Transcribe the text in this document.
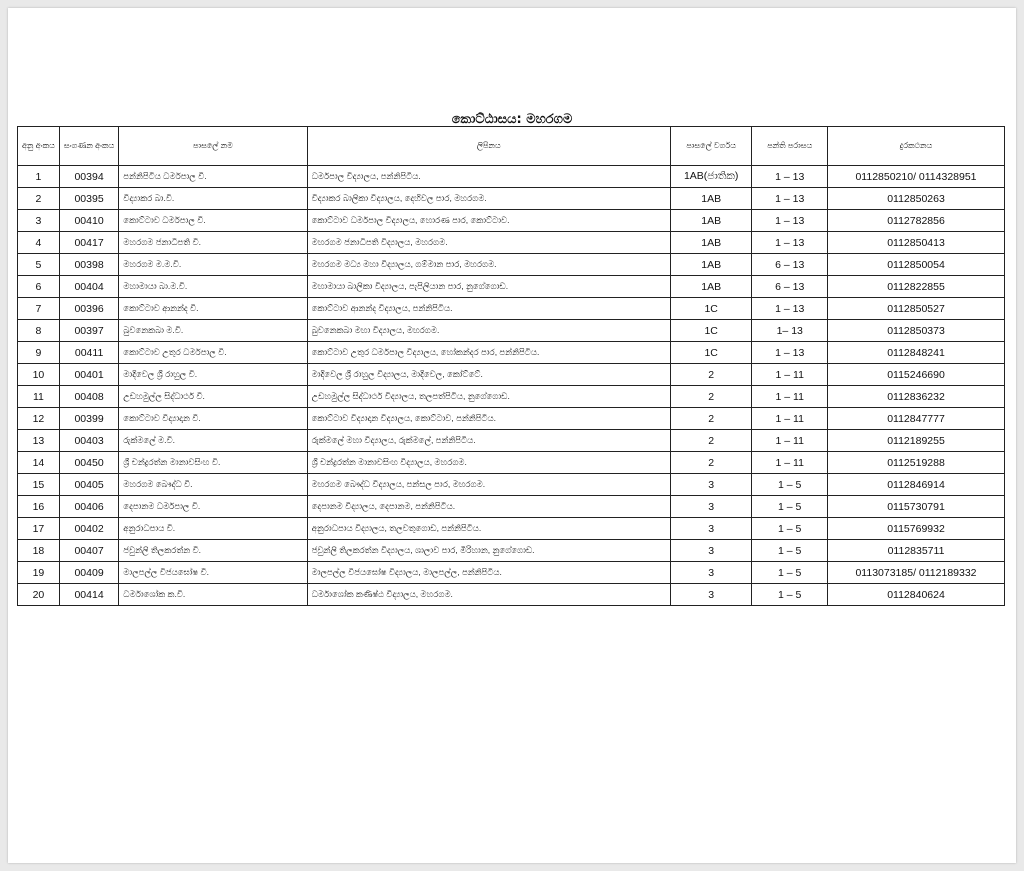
කොට්ඨාසය: මහරගම
අනු අංකය	සංගණන අංකය	පාසලේ නම	ලිපිනය	පාසලේ වර්ගය	පන්ති පරාසය	දුරකථනය
1	00394	පන්නිපිටිය ධර්මපාල වි.	ධර්මපාල විද්‍යාලය, පන්නිපිටිය.	1AB(ජාතික)	1 – 13	0112850210/ 0114328951
2	00395	විද්‍යාකර බා.වි.	විද්‍යාකර බාලිකා විද්‍යාලය, දෙහිවල පාර, මහරගම.	1AB	1 – 13	0112850263
3	00410	කොට්ටාව ධර්මපාල වි.	කොට්ටාව ධර්මපාල විද්‍යාලය, හොරණ පාර, කොට්ටාව.	1AB	1 – 13	0112782856
4	00417	මහරගම ජනාධිපති වි.	මහරගම ජනාධිපති විද්‍යාලය, මහරගම.	1AB	1 – 13	0112850413
5	00398	මහරගම ම.ම.වි.	මහරගම මධ්‍ය මහා විද්‍යාලය, ගම්මාන පාර, මහරගම.	1AB	6 – 13	0112850054
6	00404	මහාමායා බා.ම.වි.	මහාමායා බාලිකා විද්‍යාලය, පැපිලියාන පාර, නුගේගොඩ.	1AB	6 – 13	0112822855
7	00396	කොට්ටාව ආනන්ද වි.	කොට්ටාව ආනන්ද විද්‍යාලය, පන්නිපිටිය.	1C	1 – 13	0112850527
8	00397	බුවනෙකබා ම.වි.	බුවනෙකබා මහා විද්‍යාලය, මහරගම.	1C	1– 13	0112850373
9	00411	කොට්ටාව උතුර ධර්මපාල වි.	කොට්ටාව උතුර ධර්මපාල විද්‍යාලය, හෝකන්දර පාර, පන්නිපිටිය.	1C	1 – 13	0112848241
10	00401	මාදිවෙල ශ්‍රී රාහුල වි.	මාදිවෙල ශ්‍රී රාහුල විද්‍යාලය, මාදිවෙල, කෝට්ටේ.	2	1 – 11	0115246690
11	00408	උඩහමුල්ල සිද්ධාර්ථ වි.	උඩහමුල්ල සිද්ධාර්ථ විද්‍යාලය, තලපත්පිටිය, නුගේගොඩ.	2	1 – 11	0112836232
12	00399	කොට්ටාව විද්‍යාදාන වි.	කොට්ටාව විද්‍යාදාන විද්‍යාලය, කොට්ටාව, පන්නිපිටිය.	2	1 – 11	0112847777
13	00403	රුක්මලේ ම.වි.	රුක්මලේ මහා විද්‍යාලය, රුක්මලේ, පන්නිපිටිය.	2	1 – 11	0112189255
14	00450	ශ්‍රී චන්ද්‍රරත්න මානාවසිංහ වි.	ශ්‍රී චන්ද්‍රරත්න මානාවසිංහ විද්‍යාලය, මහරගම.	2	1 – 11	0112519288
15	00405	මහරගම බෞද්ධ වි.	මහරගම බෞද්ධ විද්‍යාලය, පන්සල පාර, මහරගම.	3	1 – 5	0112846914
16	00406	දෙපානම ධර්මපාල වි.	දෙපානම විද්‍යාලය, දෙපානම, පන්නිපිටිය.	3	1 – 5	0115730791
17	00402	අනුරාධපාය වි.	අනුරාධපාය විද්‍යාලය, තලවතුගොඩ, පන්නිපිටිය.	3	1 – 5	0115769932
18	00407	ජවුන්ලි තිලකරත්න වි.	ජවුන්ලි තිලකරත්න විද්‍යාලය, ශාලාව පාර, මිරිහාන, නුගේගොඩ.	3	1 – 5	0112835711
19	00409	මාලපල්ල විජයඝෝෂ වි.	මාලපල්ල විජයඝෝෂ විද්‍යාලය, මාලපල්ල, පන්නිපිටිය.	3	1 – 5	0113073185/ 0112189332
20	00414	ධර්මාශෝක ක.වි.	ධර්මාශෝක කණිෂ්ඨ විද්‍යාලය, මහරගම.	3	1 – 5	0112840624
